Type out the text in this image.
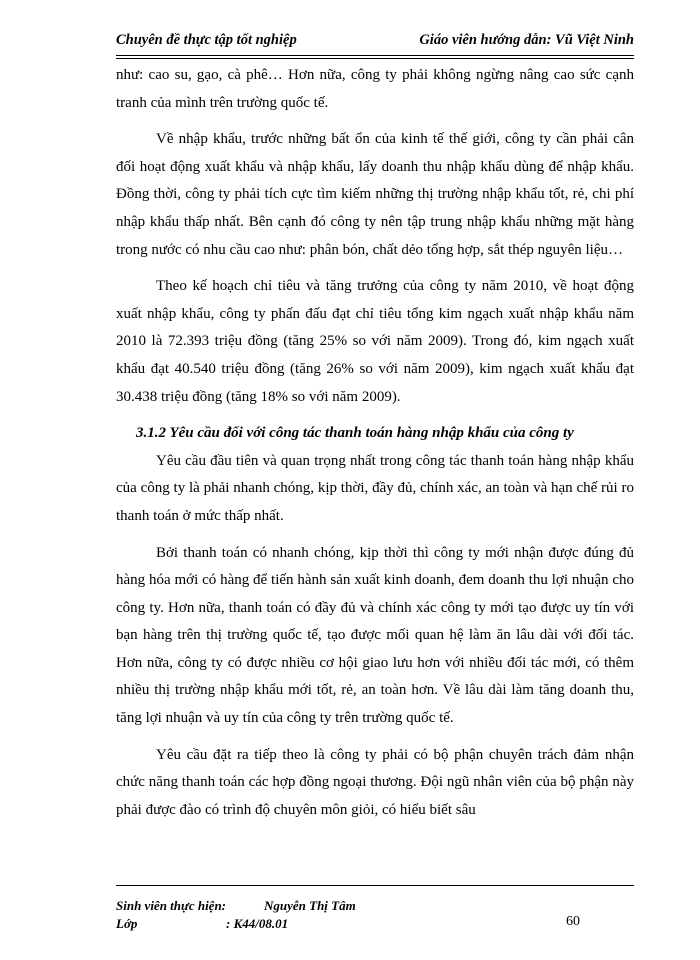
Chuyên đề thực tập tốt nghiệp	Giáo viên hướng dẫn: Vũ Việt Ninh

như: cao su, gạo, cà phê… Hơn nữa, công ty phải không ngừng nâng cao sức cạnh tranh của mình trên trường quốc tế.

Về nhập khẩu, trước những bất ổn của kinh tế thế giới, công ty cần phải cân đối hoạt động xuất khẩu và nhập khẩu, lấy doanh thu nhập khẩu dùng để nhập khẩu. Đồng thời, công ty phải tích cực tìm kiếm những thị trường nhập khẩu tốt, rẻ, chi phí nhập khẩu thấp nhất. Bên cạnh đó công ty nên tập trung nhập khẩu những mặt hàng trong nước có nhu cầu cao như: phân bón, chất dẻo tổng hợp, sắt thép nguyên liệu…

Theo kế hoạch chỉ tiêu và tăng trưởng của công ty năm 2010, về hoạt động xuất nhập khẩu, công ty phấn đấu đạt chỉ tiêu tổng kim ngạch xuất nhập khẩu năm 2010 là 72.393 triệu đồng (tăng 25% so với năm 2009). Trong đó, kim ngạch xuất khẩu đạt 40.540 triệu đồng (tăng 26% so với năm 2009), kim ngạch xuất khẩu đạt 30.438 triệu đồng (tăng 18% so với năm 2009).

3.1.2 Yêu cầu đối với công tác thanh toán hàng nhập khẩu của công ty

Yêu cầu đầu tiên và quan trọng nhất trong công tác thanh toán hàng nhập khẩu của công ty là phải nhanh chóng, kịp thời, đầy đủ, chính xác, an toàn và hạn chế rủi ro thanh toán ở mức thấp nhất.

Bởi thanh toán có nhanh chóng, kịp thời thì công ty mới nhận được đúng đủ hàng hóa mới có hàng để tiến hành sản xuất kinh doanh, đem doanh thu lợi nhuận cho công ty. Hơn nữa, thanh toán có đầy đủ và chính xác công ty mới tạo được uy tín với bạn hàng trên thị trường quốc tế, tạo được mối quan hệ làm ăn lâu dài với đối tác. Hơn nữa, công ty có được nhiều cơ hội giao lưu hơn với nhiều đối tác mới, có thêm nhiều thị trường nhập khẩu mới tốt, rẻ, an toàn hơn. Về lâu dài làm tăng doanh thu, tăng lợi nhuận và uy tín của công ty trên trường quốc tế.

Yêu cầu đặt ra tiếp theo là công ty phải có bộ phận chuyên trách đảm nhận chức năng thanh toán các hợp đồng ngoại thương. Đội ngũ nhân viên của bộ phận này phải được đào có trình độ chuyên môn giỏi, có hiểu biết sâu

Sinh viên thực hiện:	Nguyễn Thị Tâm
Lớp	: K44/08.01	60
